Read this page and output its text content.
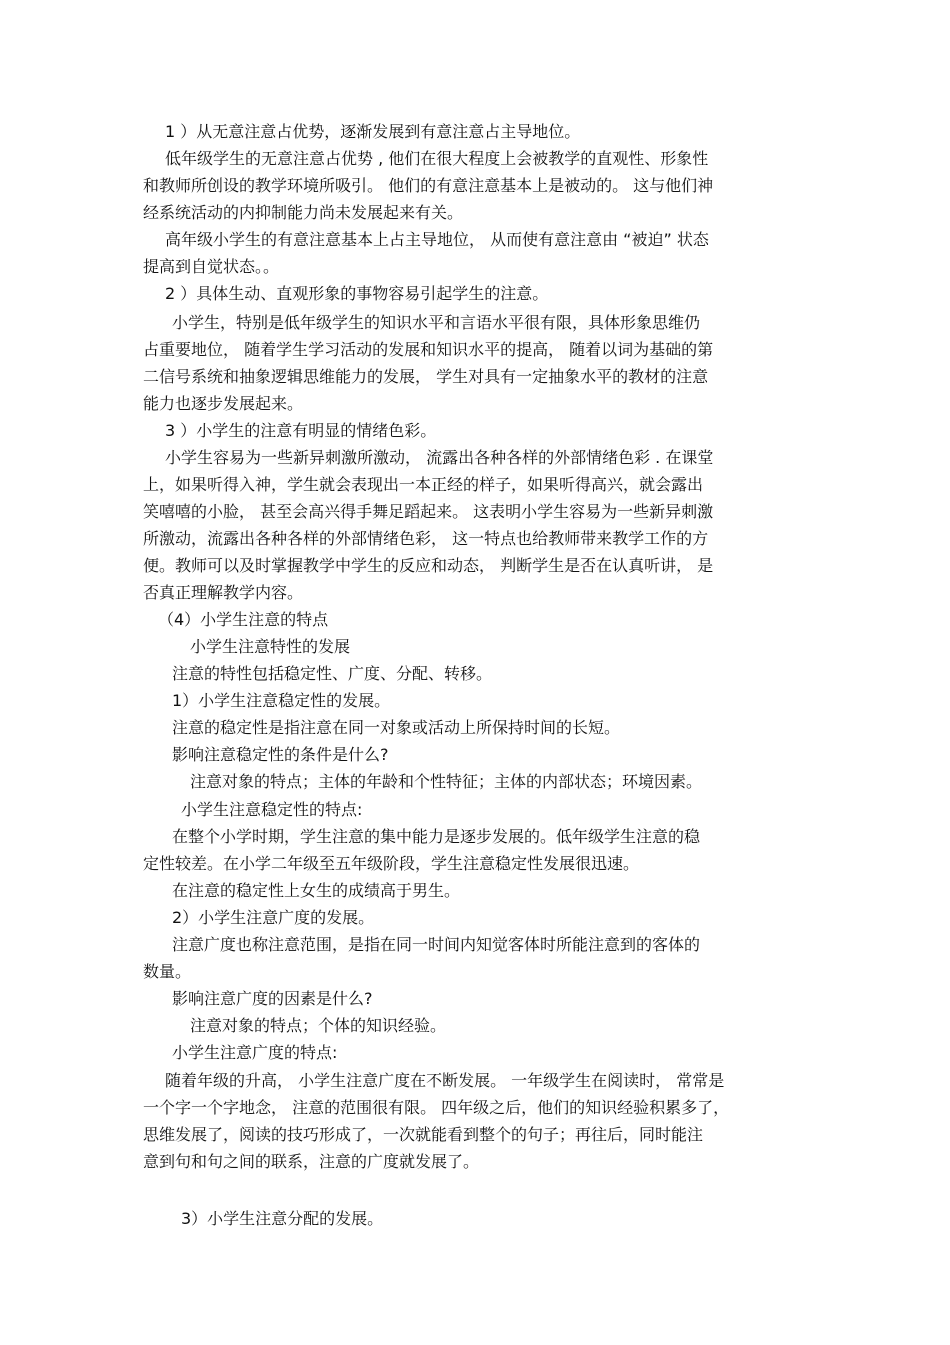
1 ）从无意注意占优势，逐渐发展到有意注意占主导地位。
低年级学生的无意注意占优势 , 他们在很大程度上会被教学的直观性、形象性
和教师所创设的教学环境所吸引。 他们的有意注意基本上是被动的。 这与他们神
经系统活动的内抑制能力尚未发展起来有关。
高年级小学生的有意注意基本上占主导地位， 从而使有意注意由 “被迫” 状态
提高到自觉状态。。
2 ）具体生动、直观形象的事物容易引起学生的注意。
小学生，特别是低年级学生的知识水平和言语水平很有限，具体形象思维仍
占重要地位， 随着学生学习活动的发展和知识水平的提高， 随着以词为基础的第
二信号系统和抽象逻辑思维能力的发展， 学生对具有一定抽象水平的教材的注意
能力也逐步发展起来。
3 ）小学生的注意有明显的情绪色彩。
小学生容易为一些新异刺激所激动， 流露出各种各样的外部情绪色彩 . 在课堂
上，如果听得入神，学生就会表现出一本正经的样子，如果听得高兴，就会露出
笑嘻嘻的小脸， 甚至会高兴得手舞足蹈起来。 这表明小学生容易为一些新异刺激
所激动，流露出各种各样的外部情绪色彩， 这一特点也给教师带来教学工作的方
便。教师可以及时掌握教学中学生的反应和动态， 判断学生是否在认真听讲， 是
否真正理解教学内容。
（4）小学生注意的特点
小学生注意特性的发展
注意的特性包括稳定性、广度、分配、转移。
1）小学生注意稳定性的发展。
注意的稳定性是指注意在同一对象或活动上所保持时间的长短。
影响注意稳定性的条件是什么?
注意对象的特点；主体的年龄和个性特征；主体的内部状态；环境因素。
小学生注意稳定性的特点:
在整个小学时期，学生注意的集中能力是逐步发展的。低年级学生注意的稳
定性较差。在小学二年级至五年级阶段，学生注意稳定性发展很迅速。
在注意的稳定性上女生的成绩高于男生。
2）小学生注意广度的发展。
注意广度也称注意范围，是指在同一时间内知觉客体时所能注意到的客体的
数量。
影响注意广度的因素是什么?
注意对象的特点；个体的知识经验。
小学生注意广度的特点:
随着年级的升高， 小学生注意广度在不断发展。 一年级学生在阅读时， 常常是
一个字一个字地念， 注意的范围很有限。 四年级之后，他们的知识经验积累多了，
思维发展了，阅读的技巧形成了，一次就能看到整个的句子；再往后，同时能注
意到句和句之间的联系，注意的广度就发展了。
3）小学生注意分配的发展。
